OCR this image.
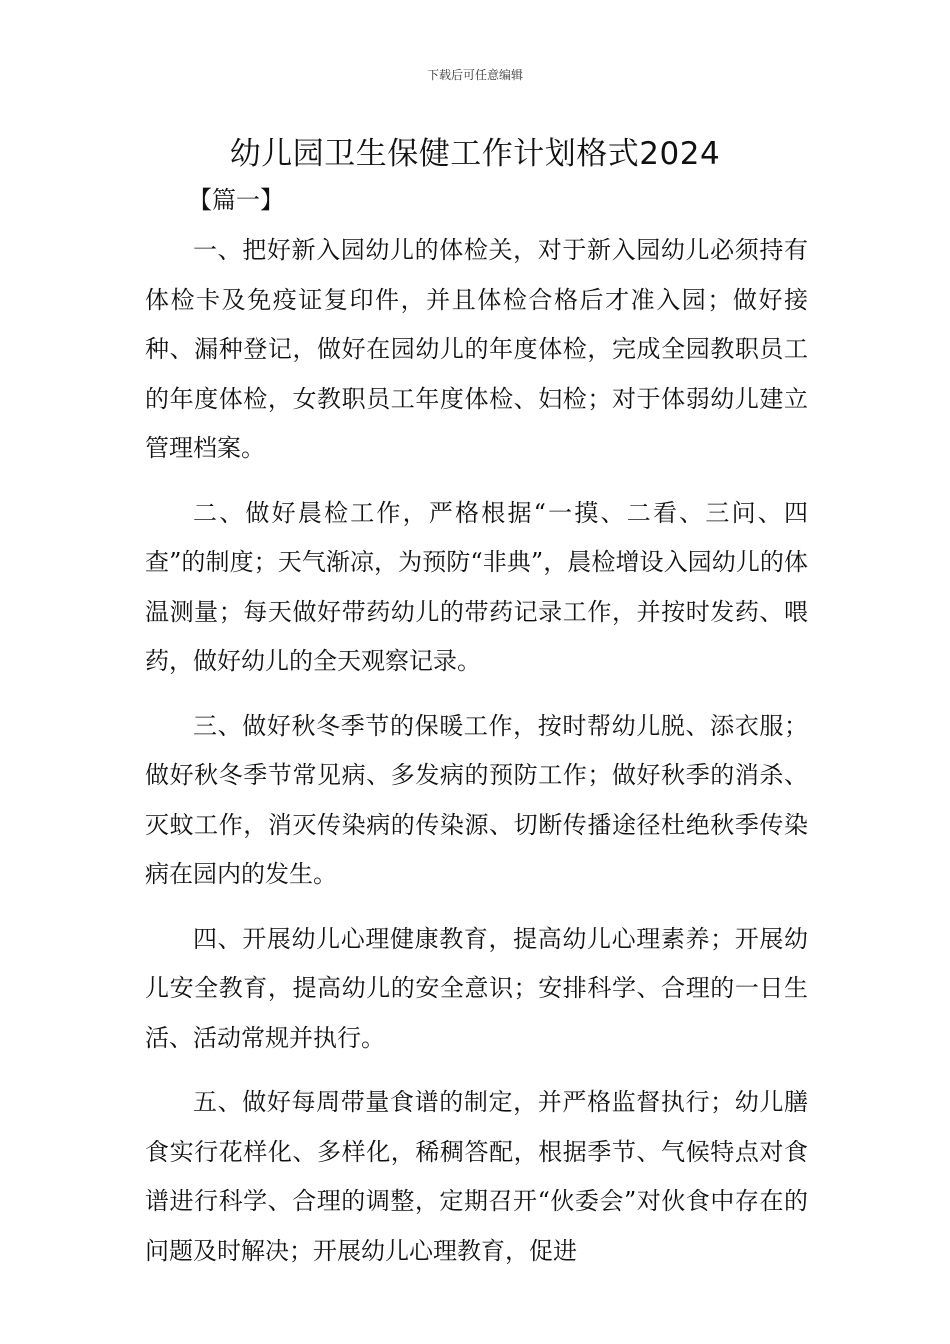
下载后可任意编辑
幼儿园卫生保健工作计划格式2024
【篇一】

一、把好新入园幼儿的体检关，对于新入园幼儿必须持有体检卡及免疫证复印件，并且体检合格后才准入园；做好接种、漏种登记，做好在园幼儿的年度体检，完成全园教职员工的年度体检，女教职员工年度体检、妇检；对于体弱幼儿建立管理档案。

二、做好晨检工作，严格根据“一摸、二看、三问、四查”的制度；天气渐凉，为预防“非典”，晨检增设入园幼儿的体温测量；每天做好带药幼儿的带药记录工作，并按时发药、喂药，做好幼儿的全天观察记录。

三、做好秋冬季节的保暖工作，按时帮幼儿脱、添衣服；做好秋冬季节常见病、多发病的预防工作；做好秋季的消杀、灭蚊工作，消灭传染病的传染源、切断传播途径杜绝秋季传染病在园内的发生。

四、开展幼儿心理健康教育，提高幼儿心理素养；开展幼儿安全教育，提高幼儿的安全意识；安排科学、合理的一日生活、活动常规并执行。

五、做好每周带量食谱的制定，并严格监督执行；幼儿膳食实行花样化、多样化，稀稠答配，根据季节、气候特点对食谱进行科学、合理的调整，定期召开“伙委会”对伙食中存在的问题及时解决；开展幼儿心理教育，促进
